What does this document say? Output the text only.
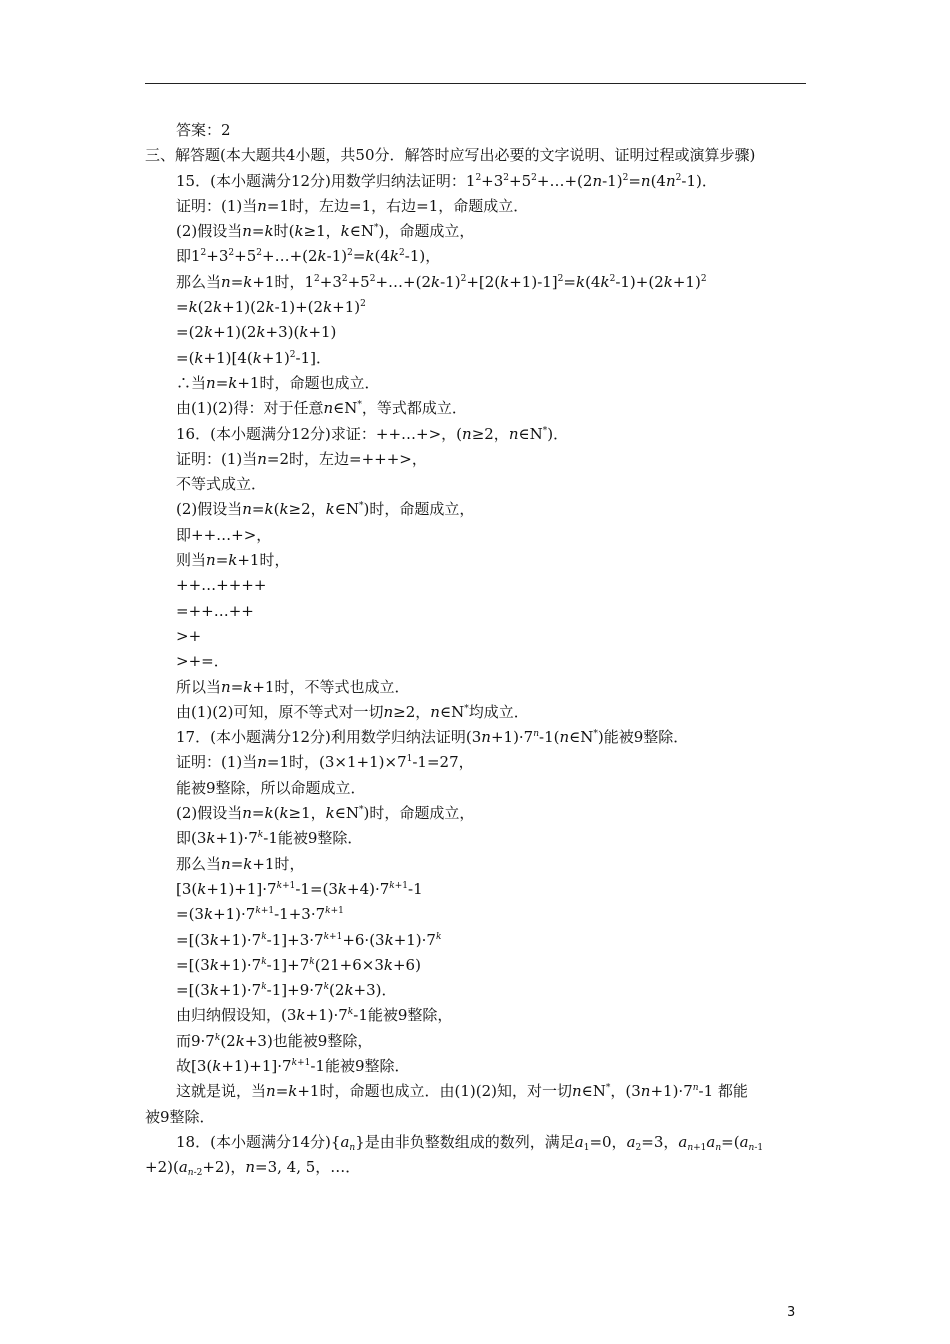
答案：2
三、解答题(本大题共4小题，共50分．解答时应写出必要的文字说明、证明过程或演算步骤)
15．(本小题满分12分)用数学归纳法证明：$1^2+3^2+5^2+\dots+(2n-1)^2=n(4n^2-1)$．
证明：(1)当n=1时，左边=1，右边=1，命题成立．
(2)假设当n=k时(k≥1，k∈N*)，命题成立，
即$1^2+3^2+5^2+\dots+(2k-1)^2=k(4k^2-1)$，
那么当n=k+1时，$1^2+3^2+5^2+\dots+(2k-1)^2+[2(k+1)-1]^2=k(4k^2-1)+(2k+1)^2$
$=k(2k+1)(2k-1)+(2k+1)^2$
=(2k+1)(2k+3)(k+1)
$=(k+1)[4(k+1)^2-1]$．
∴当n=k+1时，命题也成立．
由(1)(2)得：对于任意n∈N*，等式都成立．
16．(本小题满分12分)求证：++…+>，(n≥2，n∈N*)．
证明：(1)当n=2时，左边=+++>，
不等式成立．
(2)假设当n=k(k≥2，k∈N*)时，命题成立，
即++…+>，
则当n=k+1时，
++…++++
=++…++
>+
>+=．
所以当n=k+1时，不等式也成立．
由(1)(2)可知，原不等式对一切n≥2，n∈N*均成立．
17．(本小题满分12分)利用数学归纳法证明$(3n+1)\cdot 7^n-1(n\in N^*)$能被9整除．
证明：(1)当n=1时，$(3\times 1+1)\times 7^1-1=27$，
能被9整除，所以命题成立．
(2)假设当n=k(k≥1，k∈N*)时，命题成立，
即$(3k+1)\cdot 7^k-1$能被9整除．
那么当n=k+1时，
$[3(k+1)+1]\cdot 7^{k+1}-1=(3k+4)\cdot 7^{k+1}-1$
$=(3k+1)\cdot 7^{k+1}-1+3\cdot 7^{k+1}$
$=[(3k+1)\cdot 7^k-1]+3\cdot 7^{k+1}+6\cdot(3k+1)\cdot 7^k$
$=[(3k+1)\cdot 7^k-1]+7^k(21+6\times 3k+6)$
$=[(3k+1)\cdot 7^k-1]+9\cdot 7^k(2k+3)$．
由归纳假设知，$(3k+1)\cdot 7^k-1$能被9整除，
而$9\cdot 7^k(2k+3)$也能被9整除，
故$[3(k+1)+1]\cdot 7^{k+1}-1$能被9整除．
这就是说，当n=k+1时，命题也成立．由(1)(2)知，对一切n∈N*，$(3n+1)\cdot 7^n-1$ 都能
被9整除．
18．(本小题满分14分)$\{a_n\}$是由非负整数组成的数列，满足$a_1=0$，$a_2=3$，$a_{n+1}a_n=(a_{n-1}$
$+2)(a_{n-2}+2)$，n=3, 4, 5，…．
3
